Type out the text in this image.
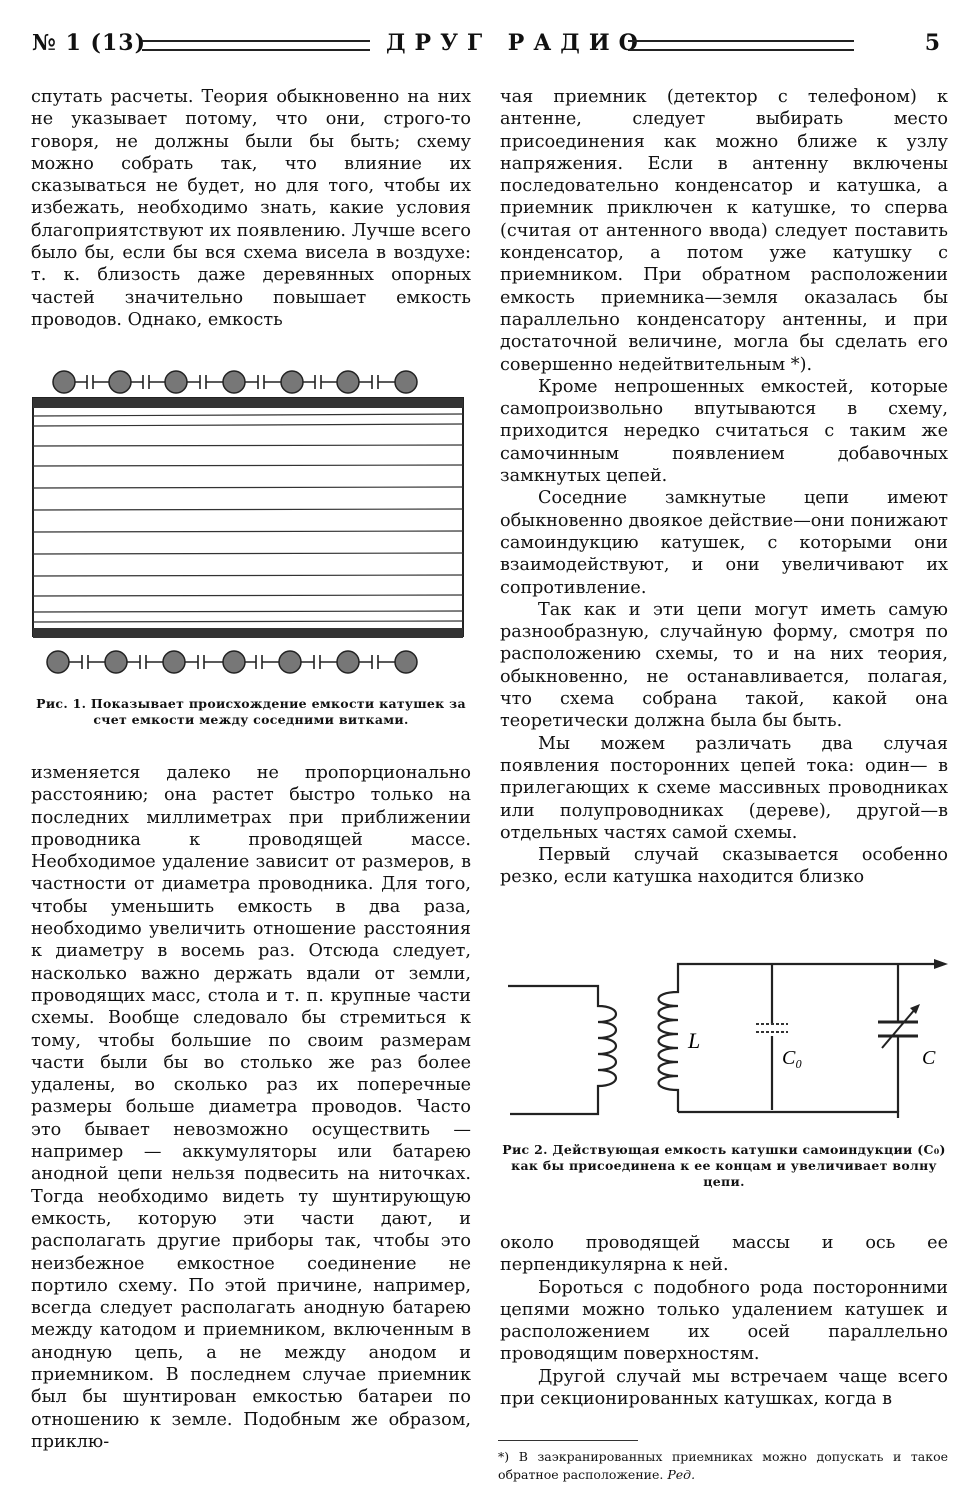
№ 1 (13)	ДРУГ РАДИО	5

спутать расчеты. Теория обыкновенно на них не указывает потому, что они, строго-то говоря, не должны были бы быть; схему можно собрать так, что влияние их сказываться не будет, но для того, чтобы их избежать, необходимо знать, какие условия благоприятствуют их появлению. Лучше всего было бы, если бы вся схема висела в воздухе: т. к. близость даже деревянных опорных частей значительно повышает емкость проводов. Однако, емкость

Рис. 1. Показывает происхождение емкости катушек за счет емкости между соседними витками.

изменяется далеко не пропорционально расстоянию; она растет быстро только на последних миллиметрах при приближении проводника к проводящей массе. Необходимое удаление зависит от размеров, в частности от диаметра проводника. Для того, чтобы уменьшить емкость в два раза, необходимо увеличить отношение расстояния к диаметру в восемь раз. Отсюда следует, насколько важно держать вдали от земли, проводящих масс, стола и т. п. крупные части схемы. Вообще следовало бы стремиться к тому, чтобы большие по своим размерам части были бы во столько же раз более удалены, во сколько раз их поперечные размеры больше диаметра проводов. Часто это бывает невозможно осуществить — например — аккумуляторы или батарею анодной цепи нельзя подвесить на ниточках. Тогда необходимо видеть ту шунтирующую емкость, которую эти части дают, и располагать другие приборы так, чтобы это неизбежное емкостное соединение не портило схему. По этой причине, например, всегда следует располагать анодную батарею между катодом и приемником, включенным в анодную цепь, а не между анодом и приемником. В последнем случае приемник был бы шунтирован емкостью батареи по отношению к земле. Подобным же образом, приклю-

чая приемник (детектор с телефоном) к антенне, следует выбирать место присоединения как можно ближе к узлу напряжения. Если в антенну включены последовательно конденсатор и катушка, а приемник приключен к катушке, то сперва (считая от антенного ввода) следует поставить конденсатор, а потом уже катушку с приемником. При обратном расположении емкость приемника—земля оказалась бы параллельно конденсатору антенны, и при достаточной величине, могла бы сделать его совершенно недейтвительным *).

Кроме непрошенных емкостей, которые самопроизвольно впутываются в схему, приходится нередко считаться с таким же самочинным появлением добавочных замкнутых цепей.

Соседние замкнутые цепи имеют обыкновенно двоякое действие—они понижают самоиндукцию катушек, с которыми они взаимодействуют, и они увеличивают их сопротивление.

Так как и эти цепи могут иметь самую разнообразную, случайную форму, смотря по расположению схемы, то и на них теория, обыкновенно, не останавливается, полагая, что схема собрана такой, какой она теоретически должна была бы быть.

Мы можем различать два случая появления посторонних цепей тока: один— в прилегающих к схеме массивных проводниках или полупроводниках (дереве), другой—в отдельных частях самой схемы.

Первый случай сказывается особенно резко, если катушка находится близко

L
C₀	C
Рис 2. Действующая емкость катушки самоиндукции (C₀) как бы присоединена к ее концам и увеличивает волну цепи.

около проводящей массы и ось ее перпендикулярна к ней.

Бороться с подобного рода посторонними цепями можно только удалением катушек и расположением их осей параллельно проводящим поверхностям.

Другой случай мы встречаем чаще всего при секционированных катушках, когда в

*) В заэкранированных приемниках можно допускать и такое обратное расположение. Ред.
